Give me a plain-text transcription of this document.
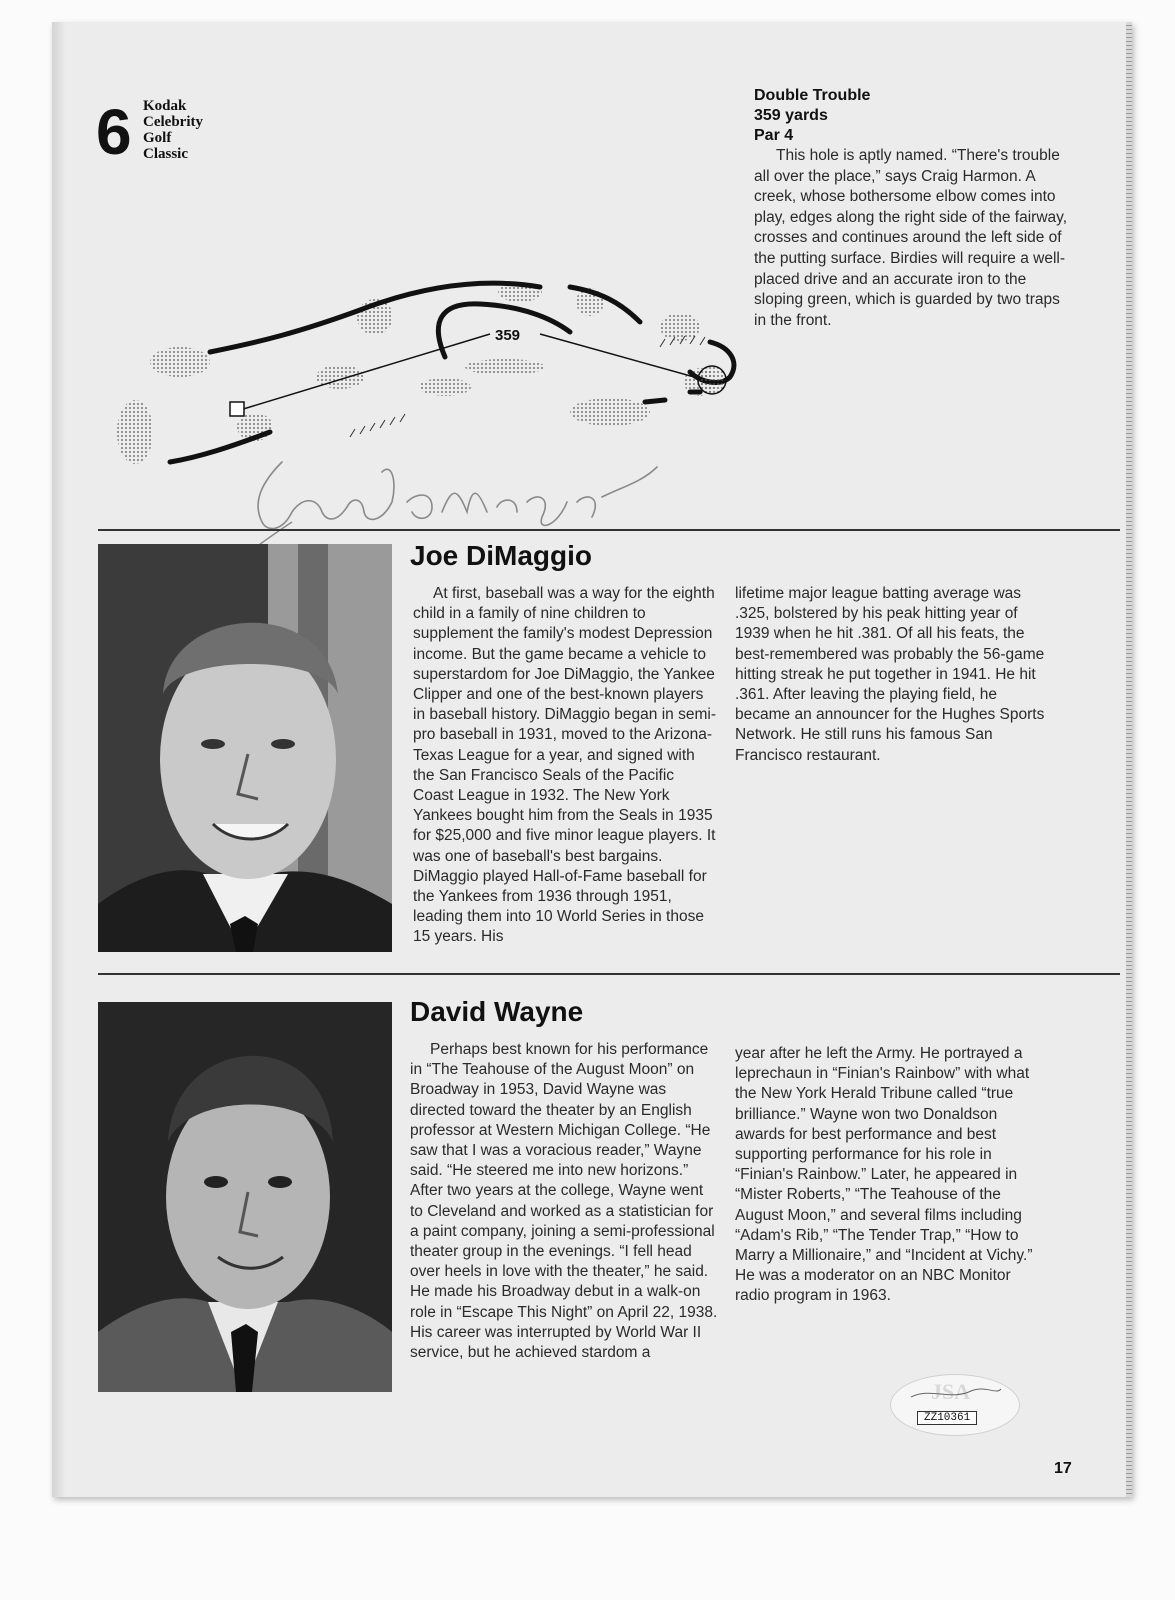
6 Kodak
Celebrity
Golf
Classic
Double Trouble
359 yards
Par 4
This hole is aptly named. “There's trouble all over the place,” says Craig Harmon. A creek, whose bothersome elbow comes into play, edges along the right side of the fairway, crosses and continues around the left side of the putting surface. Birdies will require a well-placed drive and an accurate iron to the sloping green, which is guarded by two traps in the front.
359
Joe DiMaggio
At first, baseball was a way for the eighth child in a family of nine children to supplement the family's modest Depression income. But the game became a vehicle to superstardom for Joe DiMaggio, the Yankee Clipper and one of the best-known players in baseball history. DiMaggio began in semi-pro baseball in 1931, moved to the Arizona-Texas League for a year, and signed with the San Francisco Seals of the Pacific Coast League in 1932. The New York Yankees bought him from the Seals in 1935 for $25,000 and five minor league players. It was one of baseball's best bargains. DiMaggio played Hall-of-Fame baseball for the Yankees from 1936 through 1951, leading them into 10 World Series in those 15 years. His
lifetime major league batting average was .325, bolstered by his peak hitting year of 1939 when he hit .381. Of all his feats, the best-remembered was probably the 56-game hitting streak he put together in 1941. He hit .361. After leaving the playing field, he became an announcer for the Hughes Sports Network. He still runs his famous San Francisco restaurant.
David Wayne
Perhaps best known for his performance in “The Teahouse of the August Moon” on Broadway in 1953, David Wayne was directed toward the theater by an English professor at Western Michigan College. “He saw that I was a voracious reader,” Wayne said. “He steered me into new horizons.” After two years at the college, Wayne went to Cleveland and worked as a statistician for a paint company, joining a semi-professional theater group in the evenings. “I fell head over heels in love with the theater,” he said. He made his Broadway debut in a walk-on role in “Escape This Night” on April 22, 1938. His career was interrupted by World War II service, but he achieved stardom a
year after he left the Army. He portrayed a leprechaun in “Finian's Rainbow” with what the New York Herald Tribune called “true brilliance.” Wayne won two Donaldson awards for best performance and best supporting performance for his role in “Finian's Rainbow.” Later, he appeared in “Mister Roberts,” “The Teahouse of the August Moon,” and several films including “Adam's Rib,” “The Tender Trap,” “How to Marry a Millionaire,” and “Incident at Vichy.” He was a moderator on an NBC Monitor radio program in 1963.
JSA
ZZ10361
17
